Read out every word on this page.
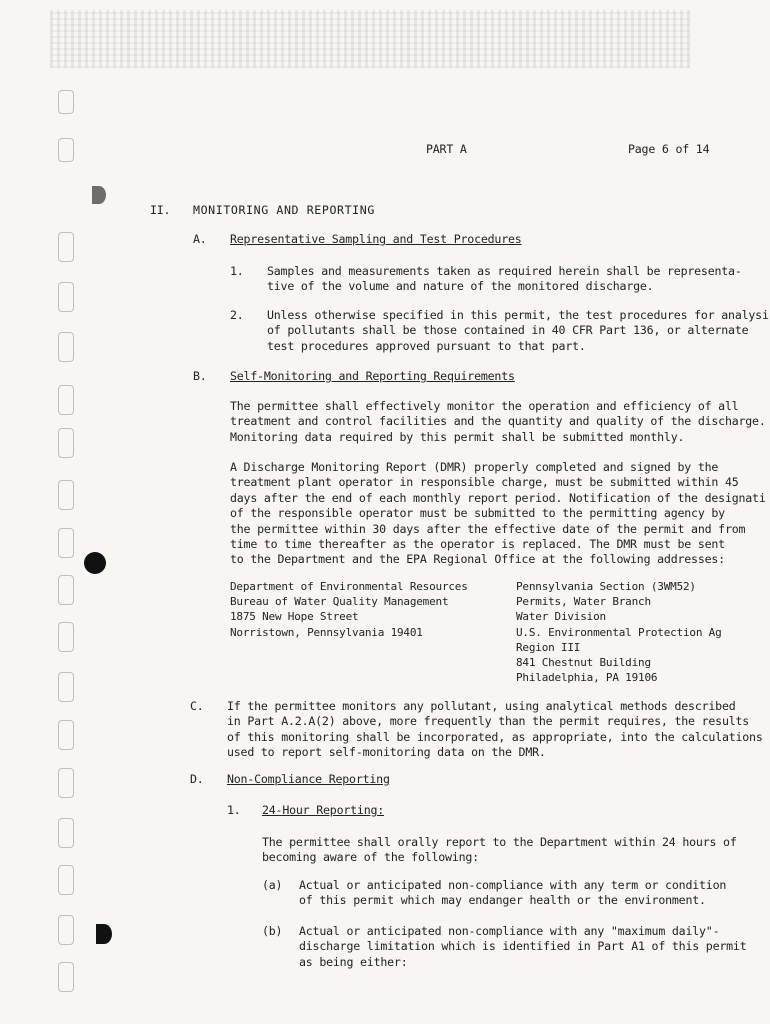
PART A	Page 6 of 14
II. MONITORING AND REPORTING
A. Representative Sampling and Test Procedures
1. Samples and measurements taken as required herein shall be representa-
tive of the volume and nature of the monitored discharge.
2. Unless otherwise specified in this permit, the test procedures for analysi
of pollutants shall be those contained in 40 CFR Part 136, or alternate
test procedures approved pursuant to that part.
B. Self-Monitoring and Reporting Requirements
The permittee shall effectively monitor the operation and efficiency of all
treatment and control facilities and the quantity and quality of the discharge.
Monitoring data required by this permit shall be submitted monthly.
A Discharge Monitoring Report (DMR) properly completed and signed by the
treatment plant operator in responsible charge, must be submitted within 45
days after the end of each monthly report period. Notification of the designati
of the responsible operator must be submitted to the permitting agency by
the permittee within 30 days after the effective date of the permit and from
time to time thereafter as the operator is replaced. The DMR must be sent
to the Department and the EPA Regional Office at the following addresses:
Department of Environmental Resources
Bureau of Water Quality Management
1875 New Hope Street
Norristown, Pennsylvania 19401
Pennsylvania Section (3WM52)
Permits, Water Branch
Water Division
U.S. Environmental Protection Ag
Region III
841 Chestnut Building
Philadelphia, PA 19106
C. If the permittee monitors any pollutant, using analytical methods described
in Part A.2.A(2) above, more frequently than the permit requires, the results
of this monitoring shall be incorporated, as appropriate, into the calculations
used to report self-monitoring data on the DMR.
D. Non-Compliance Reporting
1. 24-Hour Reporting:
The permittee shall orally report to the Department within 24 hours of
becoming aware of the following:
(a) Actual or anticipated non-compliance with any term or condition
of this permit which may endanger health or the environment.
(b) Actual or anticipated non-compliance with any "maximum daily"-
discharge limitation which is identified in Part A1 of this permit
as being either:
